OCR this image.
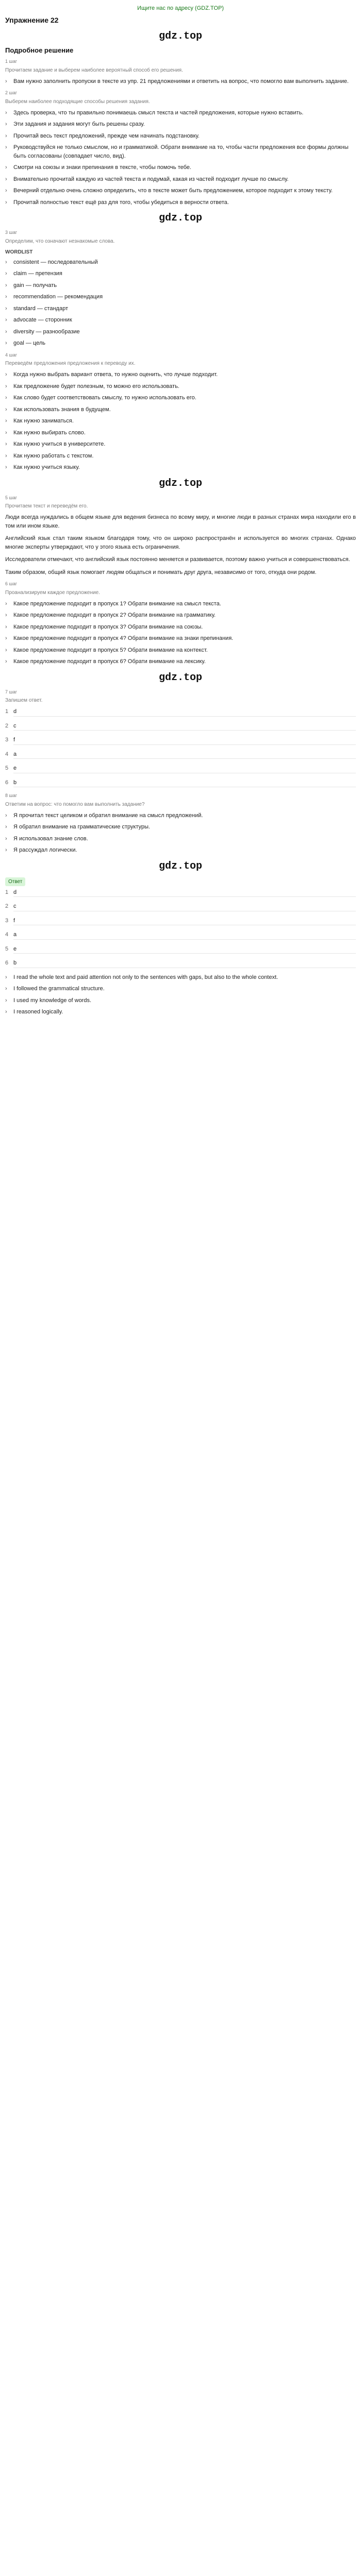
Ищите нас по адресу (GDZ.TOP)
Упражнение 22
gdz.top
Подробное решение
1 шаг
Прочитаем задание и выберем наиболее вероятный способ его решения.
›	Вам нужно заполнить пропуски в тексте из упр. 21 предложениями и ответить на вопрос, что помогло вам выполнить задание.
2 шаг
Выберем наиболее подходящие способы решения задания.
›	Здесь проверка, что ты правильно понимаешь смысл текста и частей предложения, которые нужно вставить.
›	Эти задания и задания могут быть решены сразу.
›	Прочитай весь текст предложений, прежде чем начинать подстановку.
›	Руководствуйся не только смыслом, но и грамматикой. Обрати внимание на то, чтобы части предложения все формы должны быть согласованы (совпадает число, вид).
›	Смотри на союзы и знаки препинания в тексте, чтобы помочь тебе.
›	Внимательно прочитай каждую из частей текста и подумай, какая из частей подходит лучше по смыслу.
›	Вечерний отдельно очень сложно определить, что в тексте может быть предложением, которое подходит к этому тексту.
›	Прочитай полностью текст ещё раз для того, чтобы убедиться в верности ответа.
gdz.top
3 шаг
Определим, что означают незнакомые слова.
WORDLIST
›	consistent — последовательный
›	claim — претензия
›	gain — получать
›	recommendation — рекомендация
›	standard — стандарт
›	advocate — сторонник
›	diversity — разнообразие
›	goal — цель
4 шаг
Переведём предложения предложения к переводу их.
›	Когда нужно выбрать вариант ответа, то нужно оценить, что лучше подходит.
›	Как предложение будет полезным, то можно его использовать.
›	Как слово будет соответствовать смыслу, то нужно использовать его.
›	Как использовать знания в будущем.
›	Как нужно заниматься.
›	Как нужно выбирать слово.
›	Как нужно учиться в университете.
›	Как нужно работать с текстом.
›	Как нужно учиться языку.
gdz.top
5 шаг
Прочитаем текст и переведём его.

Люди всегда нуждались в общем языке для ведения бизнеса по всему миру, и многие люди в разных странах мира находили его в том или ином языке.

Английский язык стал таким языком благодаря тому, что он широко распространён и используется во многих странах. Однако многие эксперты утверждают, что у этого языка есть ограничения.

Исследователи отмечают, что английский язык постоянно меняется и развивается, поэтому важно учиться и совершенствоваться.

Таким образом, общий язык помогает людям общаться и понимать друг друга, независимо от того, откуда они родом.

6 шаг
Проанализируем каждое предложение.
›	Какое предложение подходит в пропуск 1? Обрати внимание на смысл текста.
›	Какое предложение подходит в пропуск 2? Обрати внимание на грамматику.
›	Какое предложение подходит в пропуск 3? Обрати внимание на союзы.
›	Какое предложение подходит в пропуск 4? Обрати внимание на знаки препинания.
›	Какое предложение подходит в пропуск 5? Обрати внимание на контекст.
›	Какое предложение подходит в пропуск 6? Обрати внимание на лексику.
gdz.top
7 шаг
Запишем ответ.
1 d
2 c
3 f
4 a
5 e
6 b
8 шаг
Ответим на вопрос: что помогло вам выполнить задание?
›	Я прочитал текст целиком и обратил внимание на смысл предложений.
›	Я обратил внимание на грамматические структуры.
›	Я использовал знание слов.
›	Я рассуждал логически.
gdz.top
Ответ
1 d
2 c
3 f
4 a
5 e
6 b
›	I read the whole text and paid attention not only to the sentences with gaps, but also to the whole context.
›	I followed the grammatical structure.
›	I used my knowledge of words.
›	I reasoned logically.
